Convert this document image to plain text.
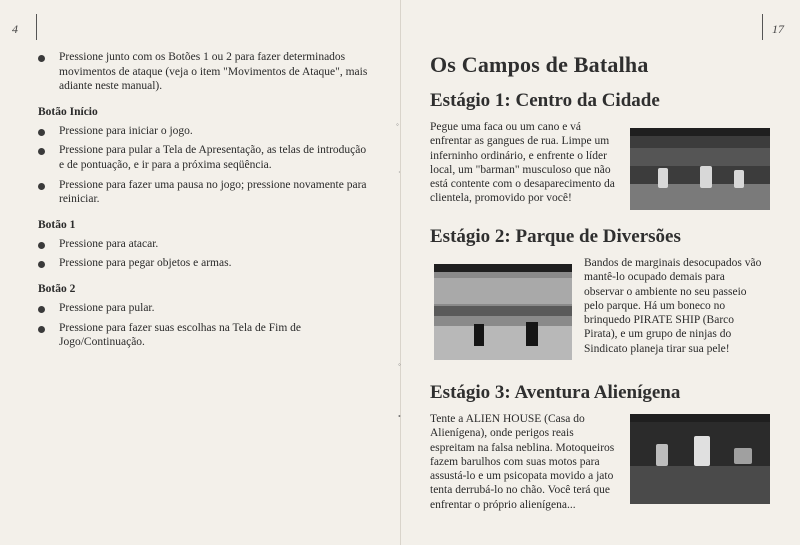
4	17
◦
·
◦
•
Pressione junto com os Botões 1 ou 2 para fazer determinados movimentos de ataque (veja o item "Movimentos de Ataque", mais adiante neste manual).
Botão Início
Pressione para iniciar o jogo.
Pressione para pular a Tela de Apresentação, as telas de introdução e de pontuação, e ir para a próxima seqüência.
Pressione para fazer uma pausa no jogo; pressione novamente para reiniciar.
Botão 1
Pressione para atacar.
Pressione para pegar objetos e armas.
Botão 2
Pressione para pular.
Pressione para fazer suas escolhas na Tela de Fim de Jogo/Continuação.
Os Campos de Batalha
Estágio 1: Centro da Cidade
Pegue uma faca ou um cano e vá enfrentar as gangues de rua. Limpe um inferninho ordinário, e enfrente o líder local, um "barman" musculoso que não está contente com o desaparecimento da clientela, promovido por você!
Estágio 2: Parque de Diversões
Bandos de marginais desocupados vão mantê-lo ocupado demais para observar o ambiente no seu passeio pelo parque. Há um boneco no brinquedo PIRATE SHIP (Barco Pirata), e um grupo de ninjas do Sindicato planeja tirar sua pele!
Estágio 3: Aventura Alienígena
Tente a ALIEN HOUSE (Casa do Alienígena), onde perigos reais espreitam na falsa neblina. Motoqueiros fazem barulhos com suas motos para assustá-lo e um psicopata movido a jato tenta derrubá-lo no chão. Você terá que enfrentar o próprio alienígena...
